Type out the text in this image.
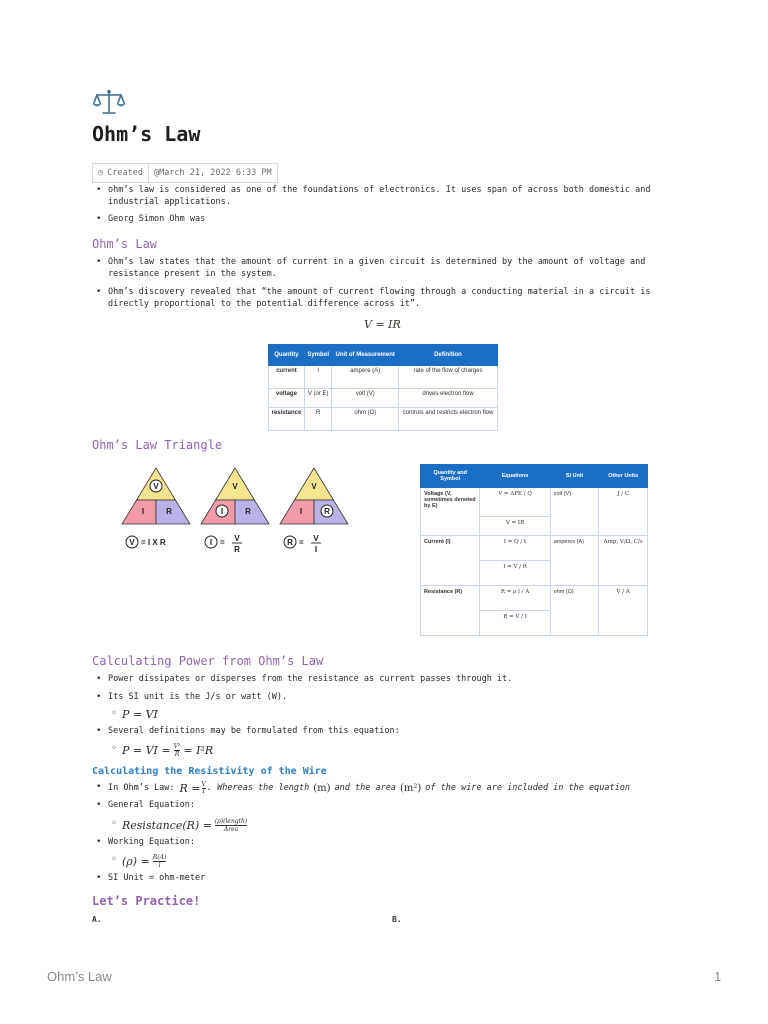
Ohm’s Law
◷ Created	@March 21, 2022 6:33 PM
• ohm’s law is considered as one of the foundations of electronics. It uses span of across both domestic and industrial applications.
• Georg Simon Ohm was
Ohm’s Law
• Ohm’s law states that the amount of current in a given circuit is determined by the amount of voltage and resistance present in the system.
• Ohm’s discovery revealed that “the amount of current flowing through a conducting material in a circuit is directly proportional to the potential difference across it”.
V = IR
Quantity	Symbol	Unit of Measurement	Definition
current	I	ampere (A)	rate of the flow of charges
voltage	V (or E)	volt (V)	drives electron flow
resistance	R	ohm (Ω)	controls and restricts electron flow
Ohm’s Law Triangle
V
I	R
V = I X R
V
I	R
I = V
R
V
I	R
R = V
I
Quantity and Symbol	Equations	SI Unit	Other Units
Voltage (V, sometimes denoted by E)	V = ΔPE / Q	volt (V)	J / C
	V = IR		
Current (I)	I = Q / t	amperes (A)	Amp, V/Ω, C/s
	I = V / R		
Resistance (R)	R = ρ l / A	ohm (Ω)	V / A
	R = V / I		
Calculating Power from Ohm’s Law
• Power dissipates or disperses from the resistance as current passes through it.
• Its SI unit is the J/s or watt (W).
◦ P = VI
• Several definitions may be formulated from this equation:
◦ P = VI = $\frac{\text{V²}}{R} = I^2R$
Calculating the Resistivity of the Wire
• In Ohm’s Law: $R = \frac{V}{I}$ . Whereas the length (m) and the area (m²) of the wire are included in the equation
• General Equation:
◦ Resistance(R) = (ρ)(length)
Area
• Working Equation:
◦ $(\rho) = \frac{R(A)}{l}$
• SI Unit = ohm-meter
Let’s Practice!
A.	B.
Ohm’s Law	1
